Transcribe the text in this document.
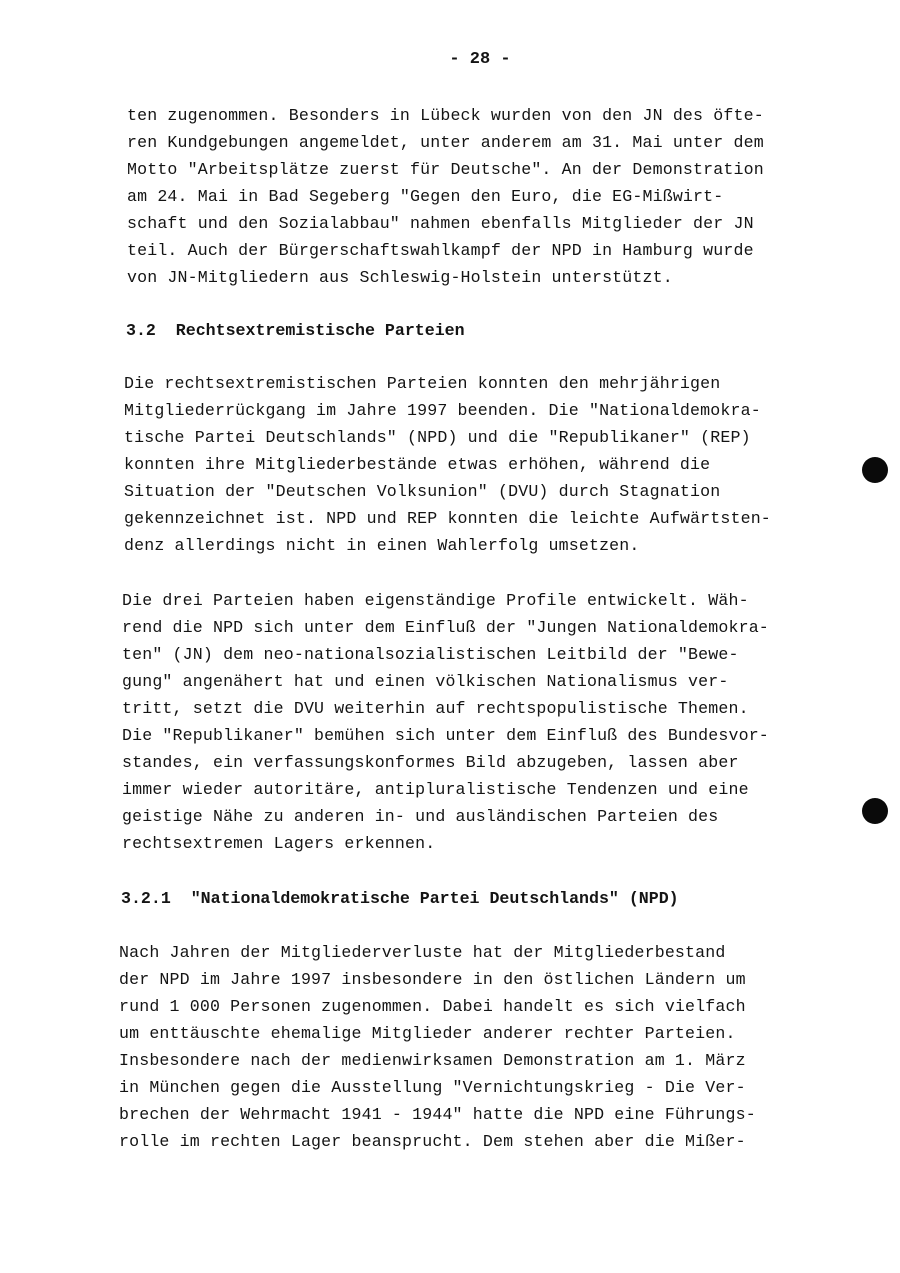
- 28 -
ten zugenommen. Besonders in Lübeck wurden von den JN des öfte-
ren Kundgebungen angemeldet, unter anderem am 31. Mai unter dem
Motto "Arbeitsplätze zuerst für Deutsche". An der Demonstration
am 24. Mai in Bad Segeberg "Gegen den Euro, die EG-Mißwirt-
schaft und den Sozialabbau" nahmen ebenfalls Mitglieder der JN
teil. Auch der Bürgerschaftswahlkampf der NPD in Hamburg wurde
von JN-Mitgliedern aus Schleswig-Holstein unterstützt.
3.2  Rechtsextremistische Parteien
Die rechtsextremistischen Parteien konnten den mehrjährigen
Mitgliederrückgang im Jahre 1997 beenden. Die "Nationaldemokra-
tische Partei Deutschlands" (NPD) und die "Republikaner" (REP)
konnten ihre Mitgliederbestände etwas erhöhen, während die
Situation der "Deutschen Volksunion" (DVU) durch Stagnation
gekennzeichnet ist. NPD und REP konnten die leichte Aufwärtsten-
denz allerdings nicht in einen Wahlerfolg umsetzen.
Die drei Parteien haben eigenständige Profile entwickelt. Wäh-
rend die NPD sich unter dem Einfluß der "Jungen Nationaldemokra-
ten" (JN) dem neo-nationalsozialistischen Leitbild der "Bewe-
gung" angenähert hat und einen völkischen Nationalismus ver-
tritt, setzt die DVU weiterhin auf rechtspopulistische Themen.
Die "Republikaner" bemühen sich unter dem Einfluß des Bundesvor-
standes, ein verfassungskonformes Bild abzugeben, lassen aber
immer wieder autoritäre, antipluralistische Tendenzen und eine
geistige Nähe zu anderen in- und ausländischen Parteien des
rechtsextremen Lagers erkennen.
3.2.1  "Nationaldemokratische Partei Deutschlands" (NPD)
Nach Jahren der Mitgliederverluste hat der Mitgliederbestand
der NPD im Jahre 1997 insbesondere in den östlichen Ländern um
rund 1 000 Personen zugenommen. Dabei handelt es sich vielfach
um enttäuschte ehemalige Mitglieder anderer rechter Parteien.
Insbesondere nach der medienwirksamen Demonstration am 1. März
in München gegen die Ausstellung "Vernichtungskrieg - Die Ver-
brechen der Wehrmacht 1941 - 1944" hatte die NPD eine Führungs-
rolle im rechten Lager beansprucht. Dem stehen aber die Mißer-
